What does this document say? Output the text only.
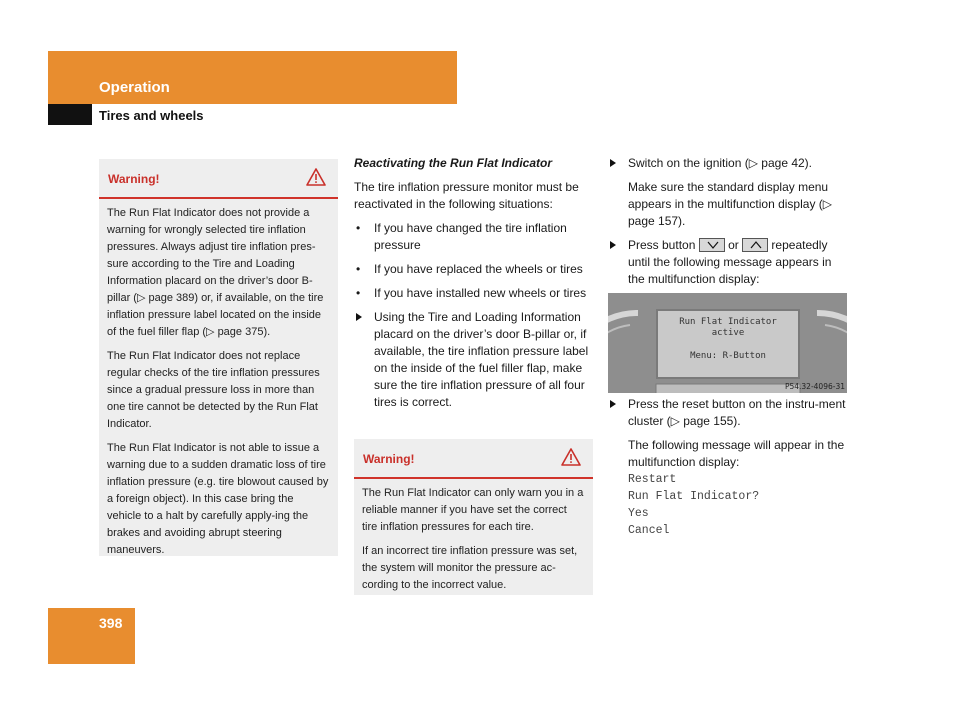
Operation
Tires and wheels
Warning!

The Run Flat Indicator does not provide a warning for wrongly selected tire inflation pressures. Always adjust tire inflation pres-sure according to the Tire and Loading Information placard on the driver’s door B-pillar (▷ page 389) or, if available, on the tire inflation pressure label located on the inside of the fuel filler flap (▷ page 375).

The Run Flat Indicator does not replace regular checks of the tire inflation pressures since a gradual pressure loss in more than one tire cannot be detected by the Run Flat Indicator.

The Run Flat Indicator is not able to issue a warning due to a sudden dramatic loss of tire inflation pressure (e.g. tire blowout caused by a foreign object). In this case bring the vehicle to a halt by carefully apply-ing the brakes and avoiding abrupt steering maneuvers.

Reactivating the Run Flat Indicator

The tire inflation pressure monitor must be reactivated in the following situations:

• If you have changed the tire inflation pressure
• If you have replaced the wheels or tires
• If you have installed new wheels or tires
Using the Tire and Loading Information placard on the driver’s door B-pillar or, if available, the tire inflation pressure label on the inside of the fuel filler flap, make sure the tire inflation pressure of all four tires is correct.
Warning!

The Run Flat Indicator can only warn you in a reliable manner if you have set the correct tire inflation pressures for each tire.

If an incorrect tire inflation pressure was set, the system will monitor the pressure ac-cording to the incorrect value.

Switch on the ignition (▷ page 42).

Make sure the standard display menu appears in the multifunction display (▷ page 157).

Press button	or	repeatedly until the following message appears in the multifunction display:
Run Flat Indicator
active
Menu: R-Button
P54.32-4096-31
Press the reset button on the instru-ment cluster (▷ page 155).

The following message will appear in the multifunction display:

Restart
Run Flat Indicator?
Yes
Cancel
398
